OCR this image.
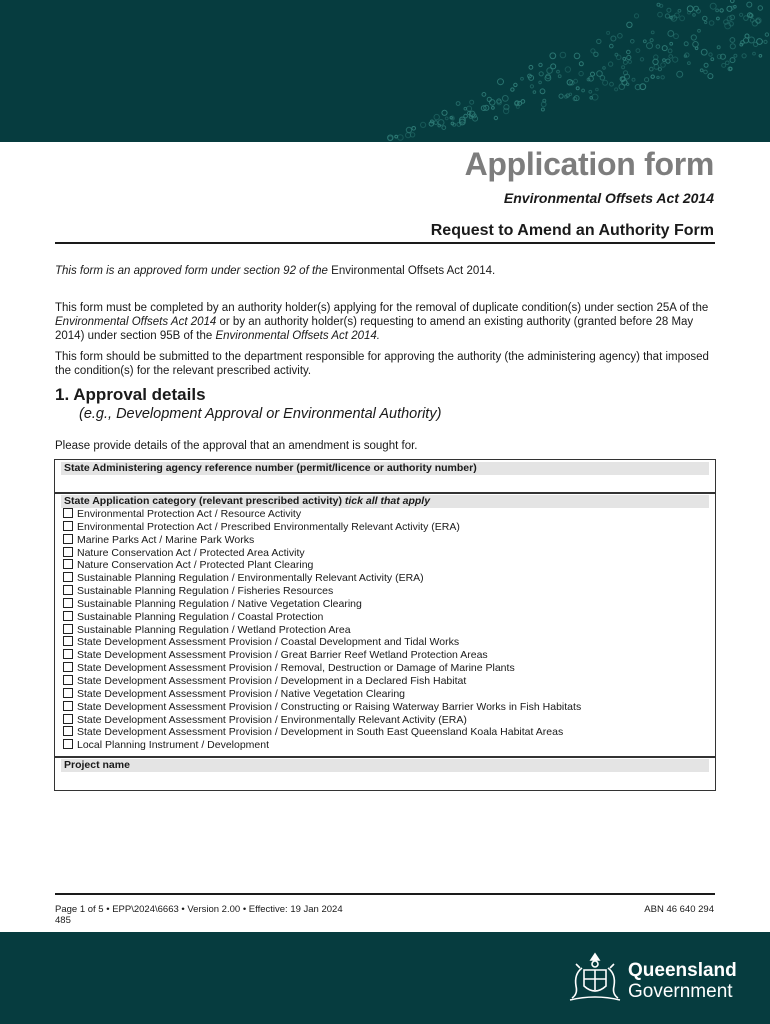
Application form
Environmental Offsets Act 2014
Request to Amend an Authority Form
This form is an approved form under section 92 of the Environmental Offsets Act 2014.
This form must be completed by an authority holder(s) applying for the removal of duplicate condition(s) under section 25A of the Environmental Offsets Act 2014 or by an authority holder(s) requesting to amend an existing authority (granted before 28 May 2014) under section 95B of the Environmental Offsets Act 2014.
This form should be submitted to the department responsible for approving the authority (the administering agency) that imposed the condition(s) for the relevant prescribed activity.
1. Approval details
(e.g., Development Approval or Environmental Authority)
Please provide details of the approval that an amendment is sought for.
State Administering agency reference number (permit/licence or authority number)
State Application category (relevant prescribed activity) tick all that apply
Environmental Protection Act / Resource Activity
Environmental Protection Act / Prescribed Environmentally Relevant Activity (ERA)
Marine Parks Act / Marine Park Works
Nature Conservation Act / Protected Area Activity
Nature Conservation Act / Protected Plant Clearing
Sustainable Planning Regulation / Environmentally Relevant Activity (ERA)
Sustainable Planning Regulation / Fisheries Resources
Sustainable Planning Regulation / Native Vegetation Clearing
Sustainable Planning Regulation / Coastal Protection
Sustainable Planning Regulation / Wetland Protection Area
State Development Assessment Provision / Coastal Development and Tidal Works
State Development Assessment Provision / Great Barrier Reef Wetland Protection Areas
State Development Assessment Provision / Removal, Destruction or Damage of Marine Plants
State Development Assessment Provision / Development in a Declared Fish Habitat
State Development Assessment Provision / Native Vegetation Clearing
State Development Assessment Provision / Constructing or Raising Waterway Barrier Works in Fish Habitats
State Development Assessment Provision / Environmentally Relevant Activity (ERA)
State Development Assessment Provision / Development in South East Queensland Koala Habitat Areas
Local Planning Instrument / Development
Project name
Page 1 of 5 • EPP\2024\6663 • Version 2.00 • Effective: 19 Jan 2024
485
ABN 46 640 294
Queensland
Government
